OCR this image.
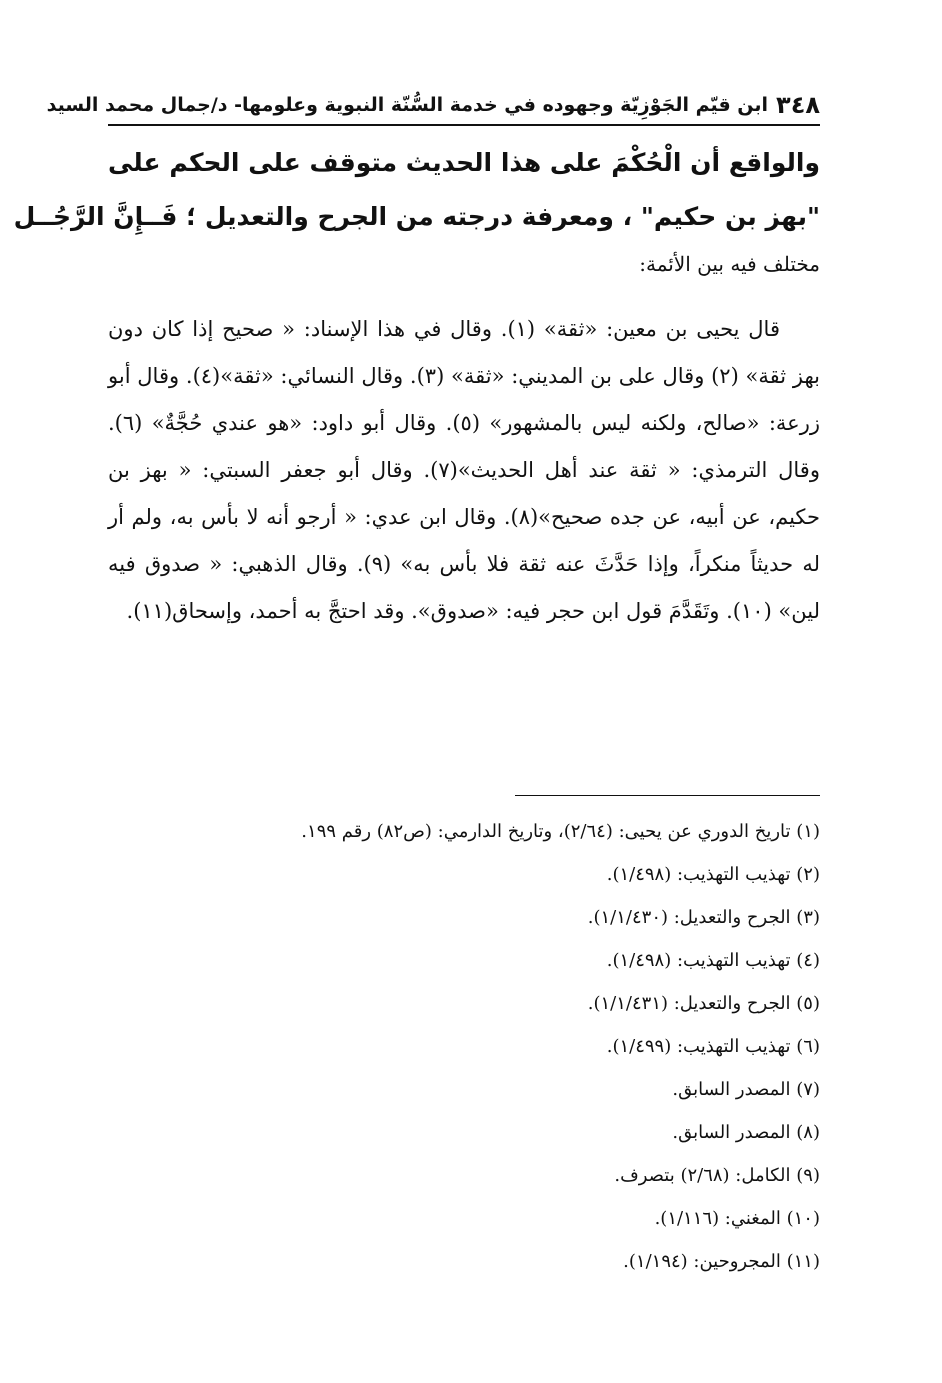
٣٤٨
ابن قيّم الجَوْزِيّة وجهوده في خدمة السُّنّة النبوية وعلومها- د/جمال محمد السيد
والواقع أن الْحُكْمَ على هذا الحديث متوقف على الحكم على
"بهز بن حكيم" ، ومعرفة درجته من الجرح والتعديل ؛ فَــإِنَّ الرَّجُــل
مختلف فيه بين الأئمة:

قال يحيى بن معين: «ثقة» (١). وقال في هذا الإسناد: « صحيح إذا كان دون بهز ثقة» (٢) وقال على بن المديني: «ثقة» (٣). وقال النسائي: «ثقة»(٤). وقال أبو زرعة: «صالح، ولكنه ليس بالمشهور» (٥). وقال أبو داود: «هو عندي حُجَّةٌ» (٦). وقال الترمذي: « ثقة عند أهل الحديث»(٧). وقال أبو جعفر السبتي: « بهز بن حكيم، عن أبيه، عن جده صحيح»(٨). وقال ابن عدي: « أرجو أنه لا بأس به، ولم أر له حديثاً منكراً، وإذا حَدَّثَ عنه ثقة فلا بأس به» (٩). وقال الذهبي: « صدوق فيه لين» (١٠). وتَقَدَّمَ قول ابن حجر فيه: «صدوق». وقد احتجَّ به أحمد، وإسحاق(١١).

(١) تاريخ الدوري عن يحيى: (٢/٦٤)، وتاريخ الدارمي: (ص٨٢) رقم ١٩٩.
(٢) تهذيب التهذيب: (١/٤٩٨).
(٣) الجرح والتعديل: (١/١/٤٣٠).
(٤) تهذيب التهذيب: (١/٤٩٨).
(٥) الجرح والتعديل: (١/١/٤٣١).
(٦) تهذيب التهذيب: (١/٤٩٩).
(٧) المصدر السابق.
(٨) المصدر السابق.
(٩) الكامل: (٢/٦٨) بتصرف.
(١٠) المغني: (١/١١٦).
(١١) المجروحين: (١/١٩٤).
